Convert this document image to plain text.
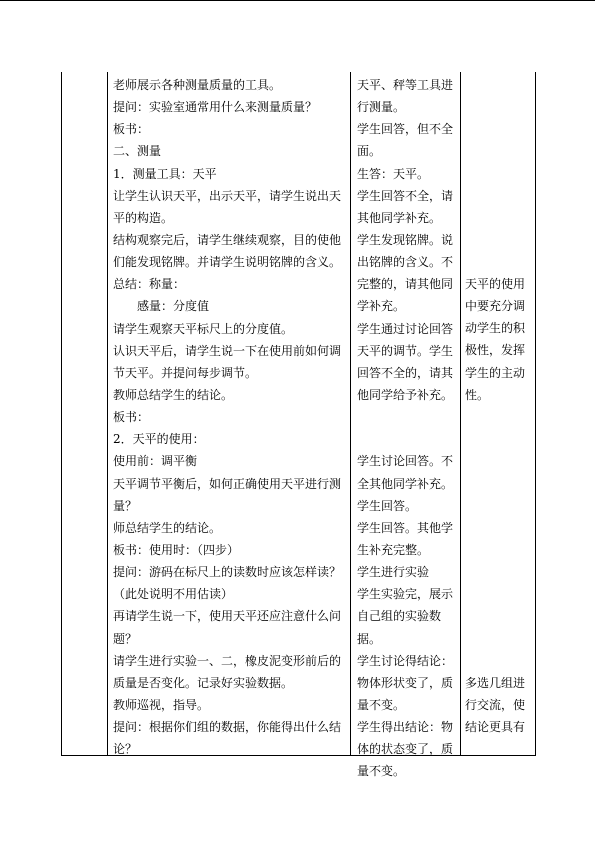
老师展示各种测量质量的工具。
提问：实验室通常用什么来测量质量？
板书：
二、测量
1．测量工具：天平
让学生认识天平，出示天平，请学生说出天
平的构造。
结构观察完后，请学生继续观察，目的使他
们能发现铭牌。并请学生说明铭牌的含义。
总结：称量：
　　感量：分度值
请学生观察天平标尺上的分度值。
认识天平后，请学生说一下在使用前如何调
节天平。并提问每步调节。
教师总结学生的结论。
板书：
2．天平的使用：
使用前：调平衡
天平调节平衡后，如何正确使用天平进行测
量？
师总结学生的结论。
板书：使用时：（四步）
提问：游码在标尺上的读数时应该怎样读？
（此处说明不用估读）
再请学生说一下，使用天平还应注意什么问
题？
请学生进行实验一、二，橡皮泥变形前后的
质量是否变化。记录好实验数据。
教师巡视，指导。
提问：根据你们组的数据，你能得出什么结
论？
天平、秤等工具进
行测量。
学生回答，但不全
面。
生答：天平。
学生回答不全，请
其他同学补充。
学生发现铭牌。说
出铭牌的含义。不
完整的，请其他同
学补充。
学生通过讨论回答
天平的调节。学生
回答不全的，请其
他同学给予补充。
学生讨论回答。不
全其他同学补充。
学生回答。
学生回答。其他学
生补充完整。
学生进行实验
学生实验完，展示
自己组的实验数
据。
学生讨论得结论：
物体形状变了，质
量不变。
学生得出结论：物
体的状态变了，质
量不变。
天平的使用
中要充分调
动学生的积
极性，发挥
学生的主动
性。
多选几组进
行交流，使
结论更具有
